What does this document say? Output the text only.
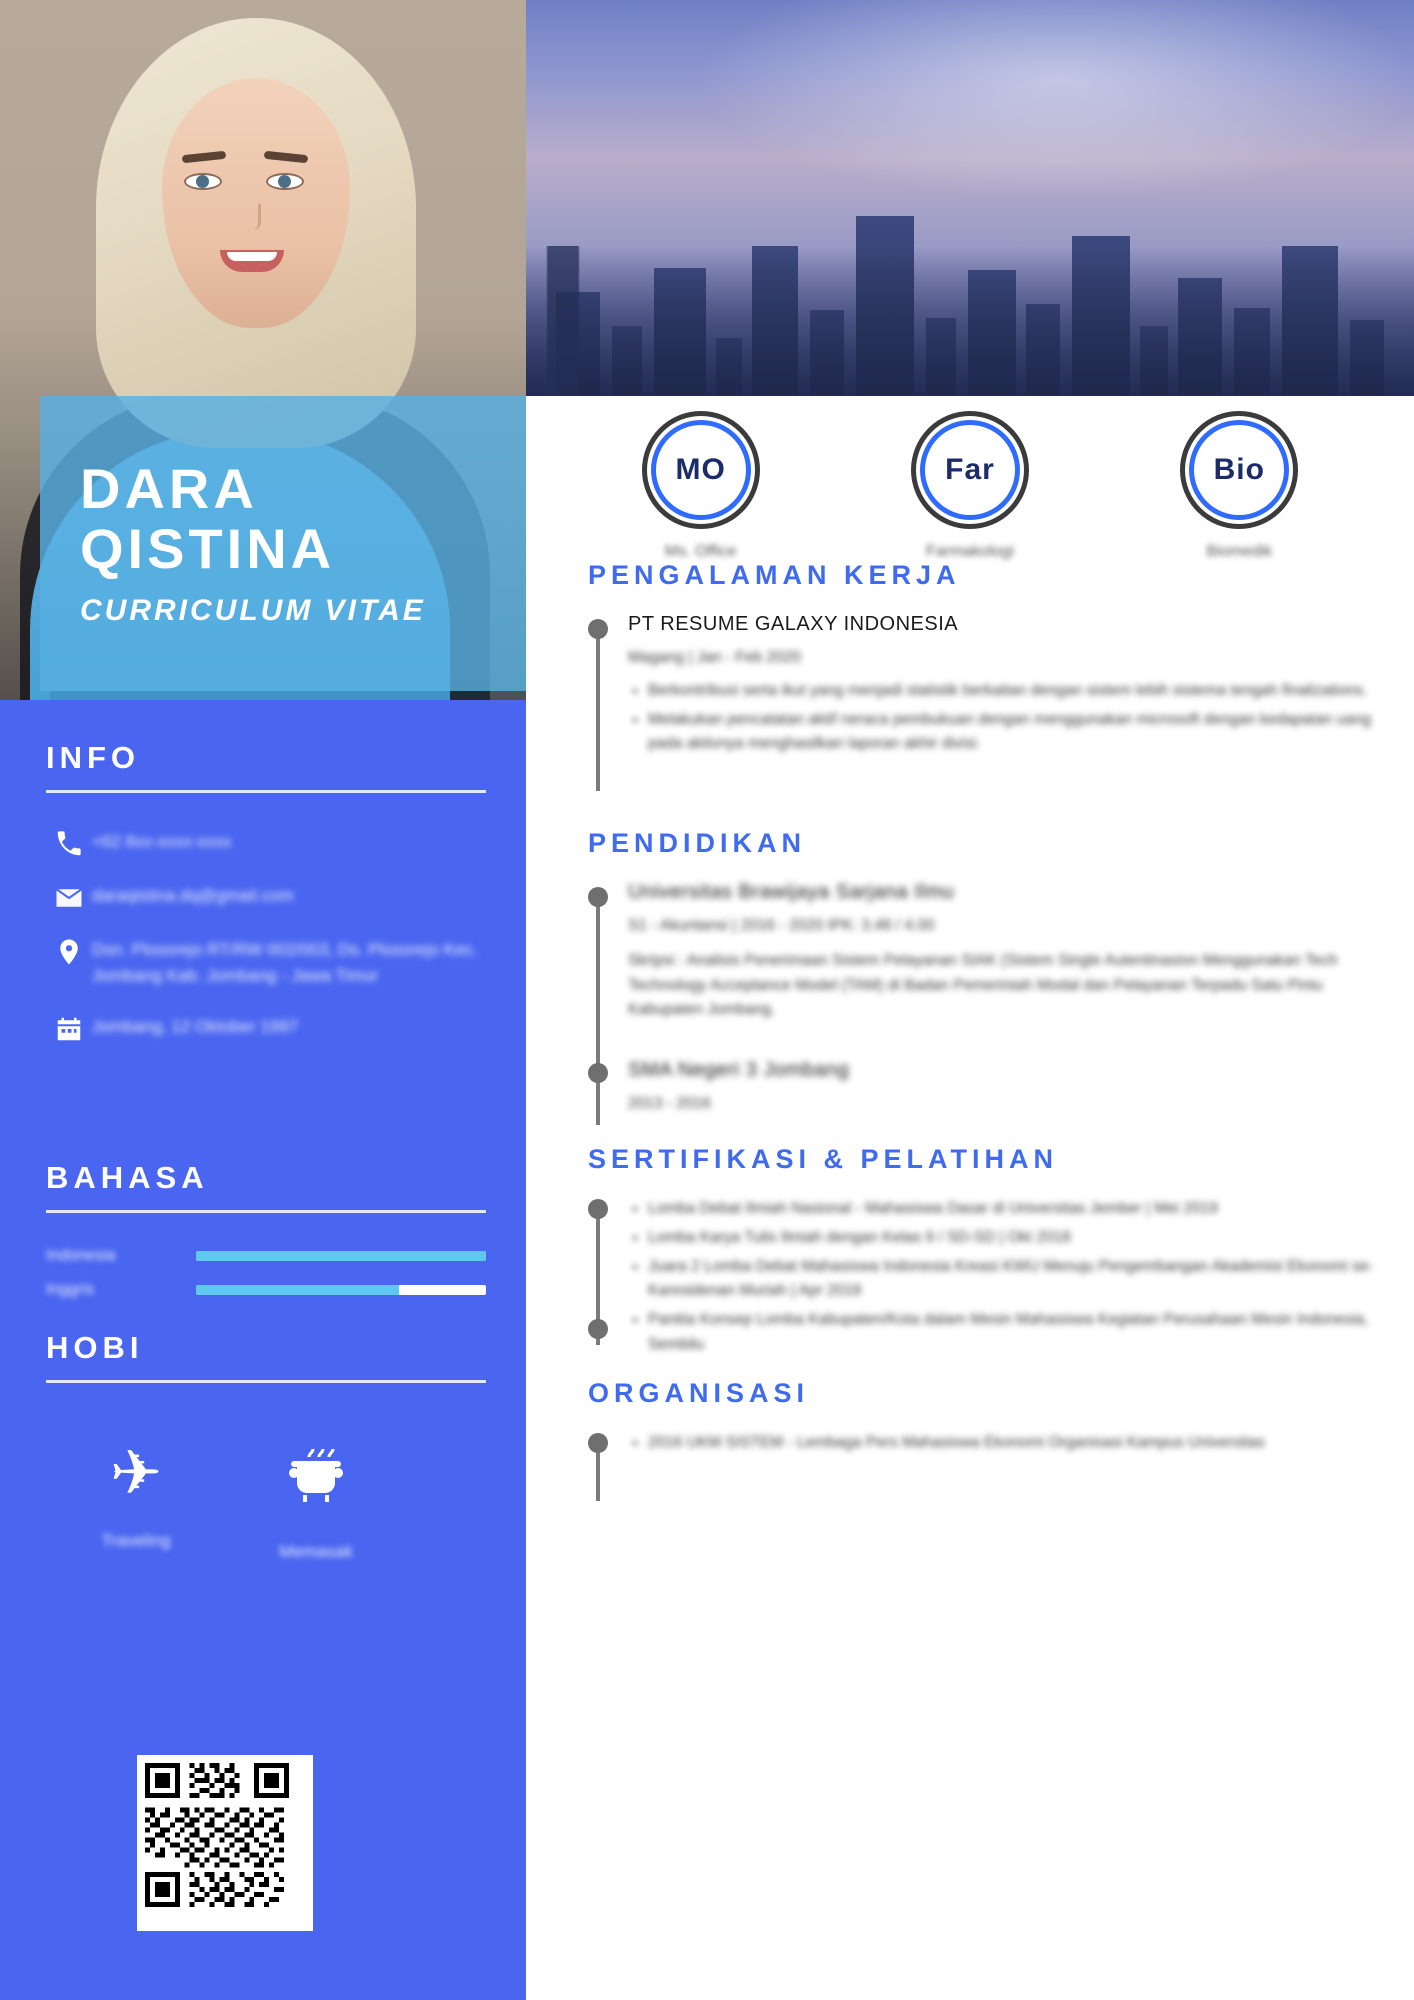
DARA
QISTINA
CURRICULUM VITAE
INFO
+62 8xx-xxxx-xxxx
daraqistina.dq@gmail.com
Dsn. Plosorejo RT/RW 002/003, Ds. Plosorejo Kec. Jombang Kab. Jombang - Jawa Timur
Jombang, 12 Oktober 1997
BAHASA
Indonesia
Inggris
HOBI
✈
Traveling
Memasak
MO
Ms. Office
Far
Farmakologi
Bio
Biomedik
PENGALAMAN KERJA
PT RESUME GALAXY INDONESIA
Magang | Jan - Feb 2020
• Berkontribusi serta ikut yang menjadi statistik berkaitan dengan sistem lebih sistema tengah finalizations.
• Melakukan pencatatan aktif neraca pembukuan dengan menggunakan microsoft dengan kedapatan uang pada aktivnya menghasilkan laporan akhir divisi.
PENDIDIKAN
Universitas Brawijaya Sarjana Ilmu
S1 - Akuntansi | 2016 - 2020 IPK: 3.48 / 4.00
Skripsi : Analisis Penerimaan Sistem Pelayanan SIAK (Sistem Single Autentinasion Menggunakan Tech Technology Acceptance Model (TAM) di Badan Pemerintah Modal dan Pelayanan Terpadu Satu Pintu Kabupaten Jombang.
SMA Negeri 3 Jombang
2013 - 2016
SERTIFIKASI & PELATIHAN
• Lomba Debat Ilmiah Nasional - Mahasiswa Dasar di Universitas Jember | Mei 2019
• Lomba Karya Tulis Ilmiah dengan Kelas 9 / SD-SD | Okt 2018
• Juara 2 Lomba Debat Mahasiswa Indonesia Kreasi KWU Menuju Pengembangan Akademisi Ekonomi se-Karesidenan Muriah | Apr 2018
• Panitia Konsep Lomba Kabupaten/Kota dalam Mesin Mahasiswa Kegiatan Perusahaan Mesin Indonesia, Sembilu
ORGANISASI
• 2016 UKM SISTEM - Lembaga Pers Mahasiswa Ekonomi Organisasi Kampus Universitas
